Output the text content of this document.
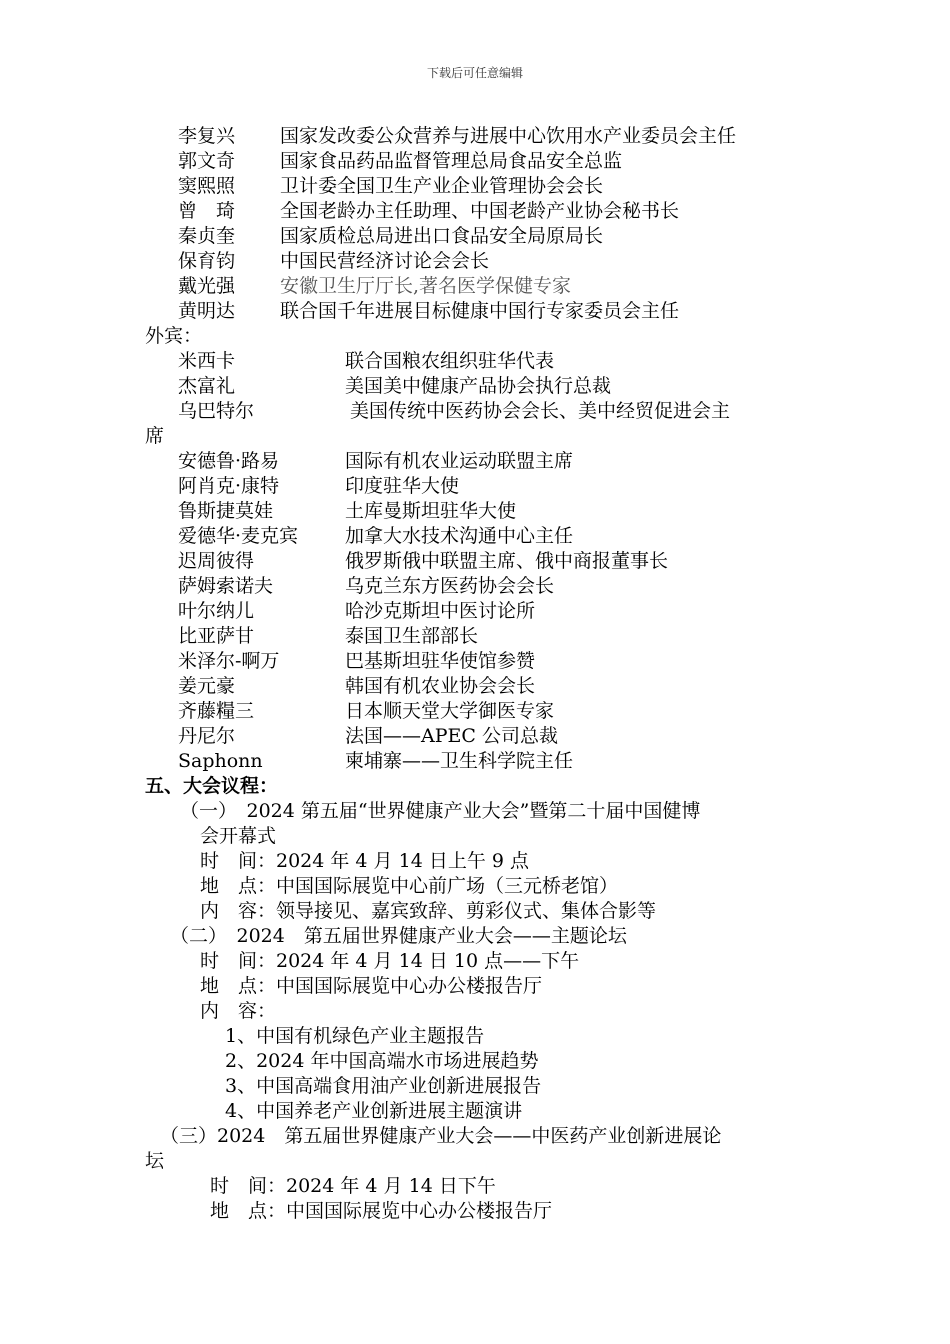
下载后可任意编辑
李复兴 国家发改委公众营养与进展中心饮用水产业委员会主任
郭文奇 国家食品药品监督管理总局食品安全总监
窦熙照 卫计委全国卫生产业企业管理协会会长
曾　琦 全国老龄办主任助理、中国老龄产业协会秘书长
秦贞奎 国家质检总局进出口食品安全局原局长
保育钧 中国民营经济讨论会会长
戴光强 安徽卫生厅厅长,著名医学保健专家
黄明达 联合国千年进展目标健康中国行专家委员会主任
外宾：
米西卡	联合国粮农组织驻华代表
杰富礼	美国美中健康产品协会执行总裁
乌巴特尔	美国传统中医药协会会长、美中经贸促进会主
席
安德鲁·路易	国际有机农业运动联盟主席
阿肖克·康特	印度驻华大使
鲁斯捷莫娃	土库曼斯坦驻华大使
爱德华·麦克宾 加拿大水技术沟通中心主任
迟周彼得	俄罗斯俄中联盟主席、俄中商报董事长
萨姆索诺夫	乌克兰东方医药协会会长
叶尔纳儿	哈沙克斯坦中医讨论所
比亚萨甘	泰国卫生部部长
米泽尔-啊万	巴基斯坦驻华使馆参赞
姜元豪	韩国有机农业协会会长
齐藤糧三	日本顺天堂大学御医专家
丹尼尔	法国——APEC 公司总裁
Saphonn	柬埔寨——卫生科学院主任
五、大会议程：
（一）　2024 第五届“世界健康产业大会”暨第二十届中国健博
会开幕式
时　间：2024 年 4 月 14 日上午 9 点
地　点：中国国际展览中心前广场（三元桥老馆）
内　容：领导接见、嘉宾致辞、剪彩仪式、集体合影等
（二）　2024　第五届世界健康产业大会——主题论坛
时　间：2024 年 4 月 14 日 10 点——下午
地　点：中国国际展览中心办公楼报告厅
内　容：
1、中国有机绿色产业主题报告
2、2024 年中国高端水市场进展趋势
3、中国高端食用油产业创新进展报告
4、中国养老产业创新进展主题演讲
（三）2024　第五届世界健康产业大会——中医药产业创新进展论
坛
时　间：2024 年 4 月 14 日下午
地　点：中国国际展览中心办公楼报告厅
